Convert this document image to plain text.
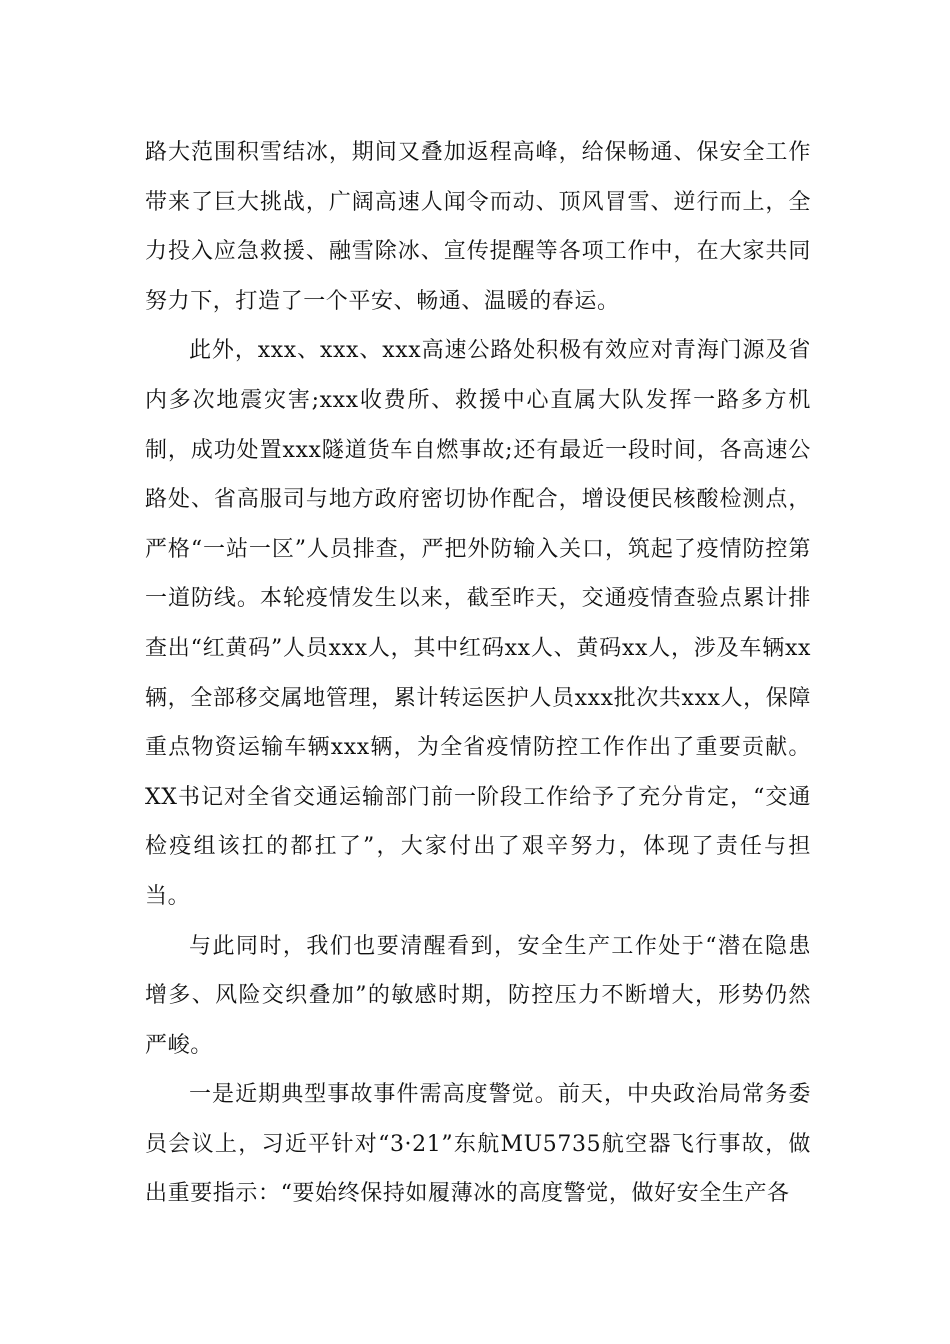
路大范围积雪结冰，期间又叠加返程高峰，给保畅通、保安全工作带来了巨大挑战，广阔高速人闻令而动、顶风冒雪、逆行而上，全力投入应急救援、融雪除冰、宣传提醒等各项工作中，在大家共同努力下，打造了一个平安、畅通、温暖的春运。

此外，xxx、xxx、xxx高速公路处积极有效应对青海门源及省内多次地震灾害;xxx收费所、救援中心直属大队发挥一路多方机制，成功处置xxx隧道货车自燃事故;还有最近一段时间，各高速公路处、省高服司与地方政府密切协作配合，增设便民核酸检测点，严格“一站一区”人员排查，严把外防输入关口，筑起了疫情防控第一道防线。本轮疫情发生以来，截至昨天，交通疫情查验点累计排查出“红黄码”人员xxx人，其中红码xx人、黄码xx人，涉及车辆xx辆，全部移交属地管理，累计转运医护人员xxx批次共xxx人，保障重点物资运输车辆xxx辆，为全省疫情防控工作作出了重要贡献。XX书记对全省交通运输部门前一阶段工作给予了充分肯定，“交通检疫组该扛的都扛了”，大家付出了艰辛努力，体现了责任与担当。

与此同时，我们也要清醒看到，安全生产工作处于“潜在隐患增多、风险交织叠加”的敏感时期，防控压力不断增大，形势仍然严峻。

一是近期典型事故事件需高度警觉。前天，中央政治局常务委员会议上，习近平针对“3·21”东航MU5735航空器飞行事故，做出重要指示：“要始终保持如履薄冰的高度警觉，做好安全生产各
